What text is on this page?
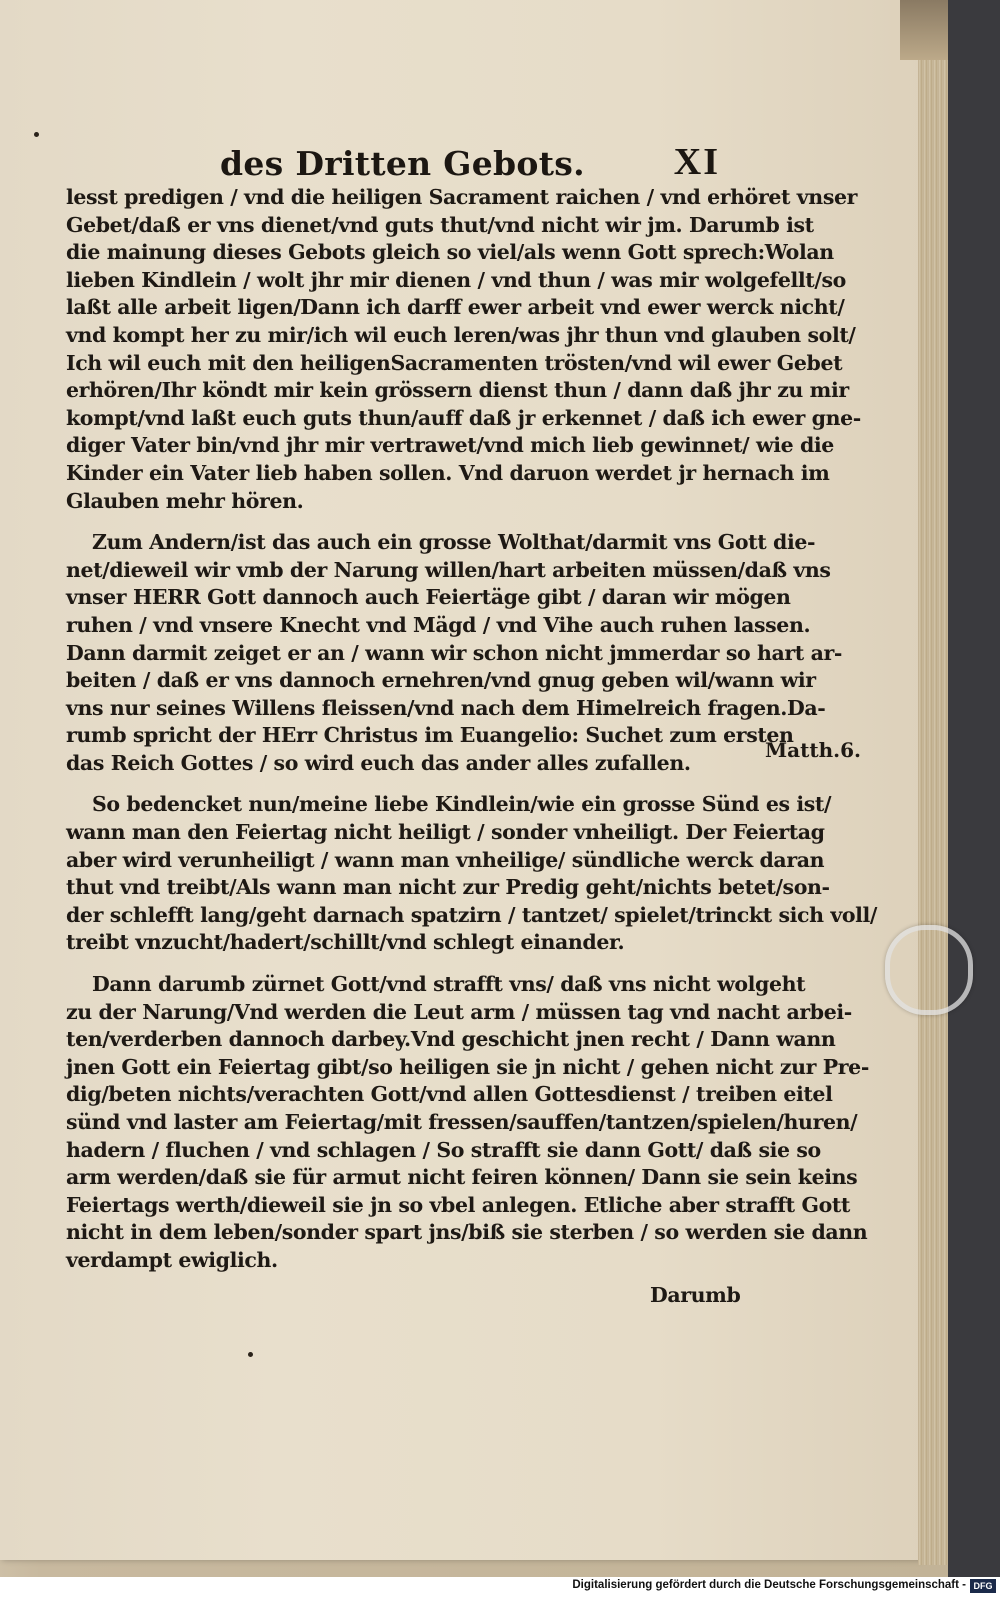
des Dritten Gebots. XI
lesst predigen / vnd die heiligen Sacrament raichen / vnd erhöret vnser
Gebet/daß er vns dienet/vnd guts thut/vnd nicht wir jm. Darumb ist
die mainung dieses Gebots gleich so viel/als wenn Gott sprech:Wolan
lieben Kindlein / wolt jhr mir dienen / vnd thun / was mir wolgefellt/so
laßt alle arbeit ligen/Dann ich darff ewer arbeit vnd ewer werck nicht/
vnd kompt her zu mir/ich wil euch leren/was jhr thun vnd glauben solt/
Ich wil euch mit den heiligenSacramenten trösten/vnd wil ewer Gebet
erhören/Ihr köndt mir kein grössern dienst thun / dann daß jhr zu mir
kompt/vnd laßt euch guts thun/auff daß jr erkennet / daß ich ewer gne-
diger Vater bin/vnd jhr mir vertrawet/vnd mich lieb gewinnet/ wie die
Kinder ein Vater lieb haben sollen. Vnd daruon werdet jr hernach im
Glauben mehr hören.
Zum Andern/ist das auch ein grosse Wolthat/darmit vns Gott die-
net/dieweil wir vmb der Narung willen/hart arbeiten müssen/daß vns
vnser HERR Gott dannoch auch Feiertäge gibt / daran wir mögen
ruhen / vnd vnsere Knecht vnd Mägd / vnd Vihe auch ruhen lassen.
Dann darmit zeiget er an / wann wir schon nicht jmmerdar so hart ar-
beiten / daß er vns dannoch ernehren/vnd gnug geben wil/wann wir
vns nur seines Willens fleissen/vnd nach dem Himelreich fragen.Da-
rumb spricht der HErr Christus im Euangelio: Suchet zum ersten
das Reich Gottes / so wird euch das ander alles zufallen.
So bedencket nun/meine liebe Kindlein/wie ein grosse Sünd es ist/
wann man den Feiertag nicht heiligt / sonder vnheiligt. Der Feiertag
aber wird verunheiligt / wann man vnheilige/ sündliche werck daran
thut vnd treibt/Als wann man nicht zur Predig geht/nichts betet/son-
der schlefft lang/geht darnach spatzirn / tantzet/ spielet/trinckt sich voll/
treibt vnzucht/hadert/schillt/vnd schlegt einander.
Dann darumb zürnet Gott/vnd strafft vns/ daß vns nicht wolgeht
zu der Narung/Vnd werden die Leut arm / müssen tag vnd nacht arbei-
ten/verderben dannoch darbey.Vnd geschicht jnen recht / Dann wann
jnen Gott ein Feiertag gibt/so heiligen sie jn nicht / gehen nicht zur Pre-
dig/beten nichts/verachten Gott/vnd allen Gottesdienst / treiben eitel
sünd vnd laster am Feiertag/mit fressen/sauffen/tantzen/spielen/huren/
hadern / fluchen / vnd schlagen / So strafft sie dann Gott/ daß sie so
arm werden/daß sie für armut nicht feiren können/ Dann sie sein keins
Feiertags werth/dieweil sie jn so vbel anlegen. Etliche aber strafft Gott
nicht in dem leben/sonder spart jns/biß sie sterben / so werden sie dann
verdampt ewiglich.
Darumb
Matth.6.
Digitalisierung gefördert durch die Deutsche Forschungsgemeinschaft - DFG
